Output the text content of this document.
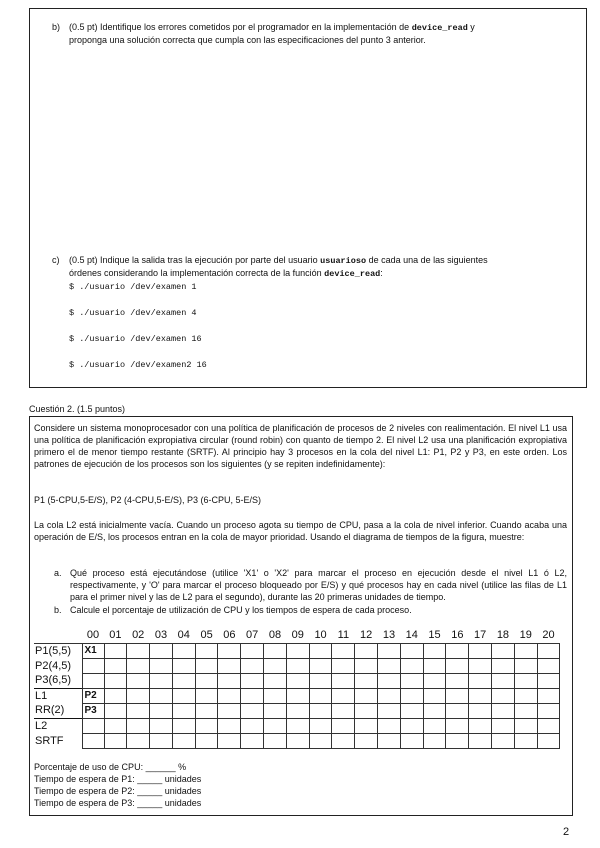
b) (0.5 pt) Identifique los errores cometidos por el programador en la implementación de device_read y
proponga una solución correcta que cumpla con las especificaciones del punto 3 anterior.
c) (0.5 pt) Indique la salida tras la ejecución por parte del usuario usuarioso de cada una de las siguientes
órdenes considerando la implementación correcta de la función device_read:
$ ./usuario /dev/examen 1
$ ./usuario /dev/examen 4
$ ./usuario /dev/examen 16
$ ./usuario /dev/examen2 16
Cuestión 2. (1.5 puntos)
Considere un sistema monoprocesador con una política de planificación de procesos de 2 niveles con realimentación. El nivel L1 usa una política de planificación expropiativa circular (round robin) con quanto de tiempo 2. El nivel L2 usa una planificación expropiativa primero el de menor tiempo restante (SRTF). Al principio hay 3 procesos en la cola del nivel L1: P1, P2 y P3, en este orden. Los patrones de ejecución de los procesos son los siguientes (y se repiten indefinidamente):
P1 (5-CPU,5-E/S), P2 (4-CPU,5-E/S), P3 (6-CPU, 5-E/S)
La cola L2 está inicialmente vacía. Cuando un proceso agota su tiempo de CPU, pasa a la cola de nivel inferior. Cuando acaba una operación de E/S, los procesos entran en la cola de mayor prioridad. Usando el diagrama de tiempos de la figura, muestre:
a. Qué proceso está ejecutándose (utilice 'X1' o 'X2' para marcar el proceso en ejecución desde el nivel L1 ó L2, respectivamente, y 'O' para marcar el proceso bloqueado por E/S) y qué procesos hay en cada nivel (utilice las filas de L1 para el primer nivel y las de L2 para el segundo), durante las 20 primeras unidades de tiempo.
b. Calcule el porcentaje de utilización de CPU y los tiempos de espera de cada proceso.
	00	01	02	03	04	05	06	07	08	09	10	11	12	13	14	15	16	17	18	19	20
P1(5,5)	X1																				
P2(4,5)																					
P3(6,5)																					
L1	P2																				
RR(2)	P3																				
L2																					
SRTF																					
Porcentaje de uso de CPU: ______ %
Tiempo de espera de P1: _____ unidades
Tiempo de espera de P2: _____ unidades
Tiempo de espera de P3: _____ unidades
2
